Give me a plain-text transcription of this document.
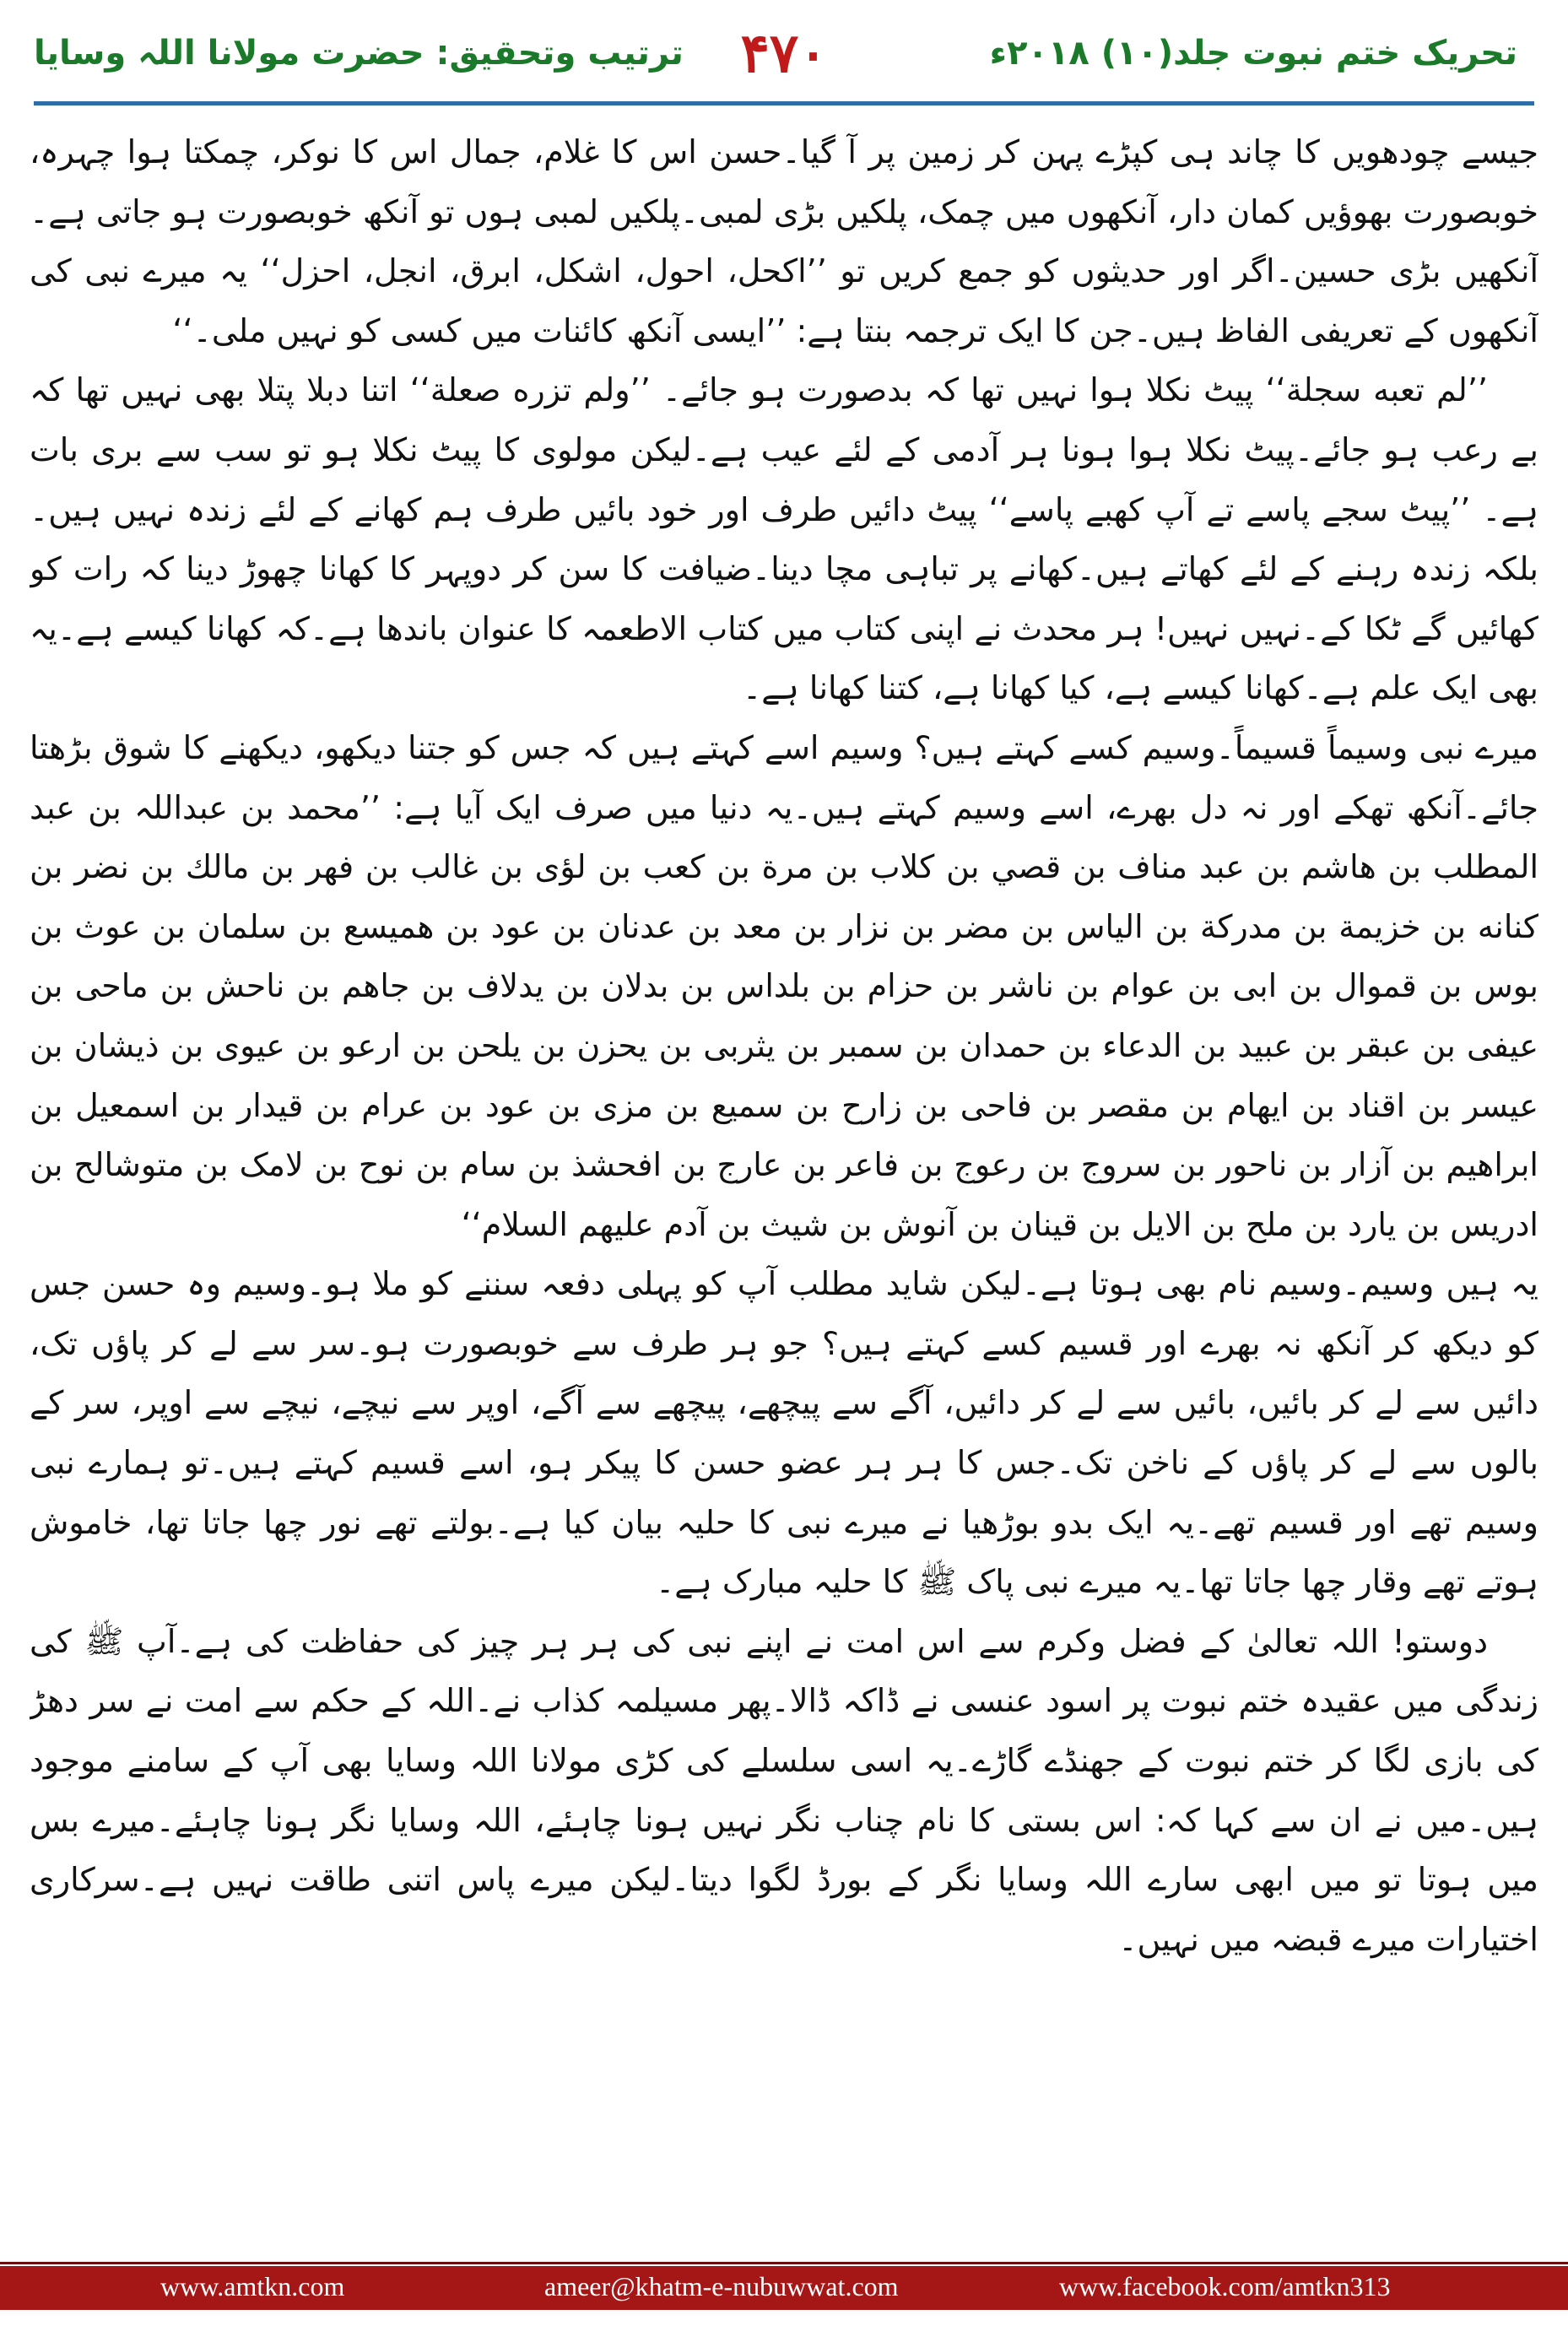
تحریک ختم نبوت جلد(۱۰) ۲۰۱۸ء
۴۷۰
ترتیب وتحقیق: حضرت مولانا اللہ وسایا

جیسے چودھویں کا چاند ہی کپڑے پہن کر زمین پر آ گیا۔حسن اس کا غلام، جمال اس کا نوکر، چمکتا ہوا چہرہ، خوبصورت بھوؤیں کمان دار، آنکھوں میں چمک، پلکیں بڑی لمبی۔پلکیں لمبی ہوں تو آنکھ خوبصورت ہو جاتی ہے۔آنکھیں بڑی حسین۔اگر اور حدیثوں کو جمع کریں تو ’’اکحل، احول، اشکل، ابرق، انجل، احزل‘‘ یہ میرے نبی کی آنکھوں کے تعریفی الفاظ ہیں۔جن کا ایک ترجمہ بنتا ہے: ’’ایسی آنکھ کائنات میں کسی کو نہیں ملی۔‘‘

’’لم تعبه سجلة‘‘ پیٹ نکلا ہوا نہیں تھا کہ بدصورت ہو جائے۔ ’’ولم تزره صعلة‘‘ اتنا دبلا پتلا بھی نہیں تھا کہ بے رعب ہو جائے۔پیٹ نکلا ہوا ہونا ہر آدمی کے لئے عیب ہے۔لیکن مولوی کا پیٹ نکلا ہو تو سب سے بری بات ہے۔ ’’پیٹ سجے پاسے تے آپ کھبے پاسے‘‘ پیٹ دائیں طرف اور خود بائیں طرف ہم کھانے کے لئے زندہ نہیں ہیں۔بلکہ زندہ رہنے کے لئے کھاتے ہیں۔کھانے پر تباہی مچا دینا۔ضیافت کا سن کر دوپہر کا کھانا چھوڑ دینا کہ رات کو کھائیں گے ٹکا کے۔نہیں نہیں! ہر محدث نے اپنی کتاب میں کتاب الاطعمہ کا عنوان باندھا ہے۔کہ کھانا کیسے ہے۔یہ بھی ایک علم ہے۔کھانا کیسے ہے، کیا کھانا ہے، کتنا کھانا ہے۔

میرے نبی وسیماً قسیماً۔وسیم کسے کہتے ہیں؟ وسیم اسے کہتے ہیں کہ جس کو جتنا دیکھو، دیکھنے کا شوق بڑھتا جائے۔آنکھ تھکے اور نہ دل بھرے، اسے وسیم کہتے ہیں۔یہ دنیا میں صرف ایک آیا ہے: ’’محمد بن عبداللہ بن عبد المطلب بن هاشم بن عبد مناف بن قصي بن كلاب بن مرة بن كعب بن لؤى بن غالب بن فهر بن مالك بن نضر بن كنانه بن خزيمة بن مدركة بن الياس بن مضر بن نزار بن معد بن عدنان بن عود بن هميسع بن سلمان بن عوث بن بوس بن قموال بن ابى بن عوام بن ناشر بن حزام بن بلداس بن بدلان بن يدلاف بن جاهم بن ناحش بن ماحى بن عيفى بن عبقر بن عبيد بن الدعاء بن حمدان بن سمبر بن يثربى بن يحزن بن يلحن بن ارعو بن عيوى بن ذيشان بن عيسر بن اقناد بن ايهام بن مقصر بن فاحى بن زارح بن سميع بن مزى بن عود بن عرام بن قيدار بن اسمعيل بن ابراهيم بن آزار بن ناحور بن سروج بن رعوج بن فاعر بن عارج بن افحشذ بن سام بن نوح بن لامک بن متوشالح بن ادريس بن يارد بن ملح بن الايل بن قينان بن آنوش بن شيث بن آدم عليهم السلام‘‘

یہ ہیں وسیم۔وسیم نام بھی ہوتا ہے۔لیکن شاید مطلب آپ کو پہلی دفعہ سننے کو ملا ہو۔وسیم وہ حسن جس کو دیکھ کر آنکھ نہ بھرے اور قسیم کسے کہتے ہیں؟ جو ہر طرف سے خوبصورت ہو۔سر سے لے کر پاؤں تک، دائیں سے لے کر بائیں، بائیں سے لے کر دائیں، آگے سے پیچھے، پیچھے سے آگے، اوپر سے نیچے، نیچے سے اوپر، سر کے بالوں سے لے کر پاؤں کے ناخن تک۔جس کا ہر ہر عضو حسن کا پیکر ہو، اسے قسیم کہتے ہیں۔تو ہمارے نبی وسیم تھے اور قسیم تھے۔یہ ایک بدو بوڑھیا نے میرے نبی کا حلیہ بیان کیا ہے۔بولتے تھے نور چھا جاتا تھا، خاموش ہوتے تھے وقار چھا جاتا تھا۔یہ میرے نبی پاک ﷺ کا حلیہ مبارک ہے۔

دوستو! اللہ تعالیٰ کے فضل وکرم سے اس امت نے اپنے نبی کی ہر ہر چیز کی حفاظت کی ہے۔آپ ﷺ کی زندگی میں عقیدہ ختم نبوت پر اسود عنسی نے ڈاکہ ڈالا۔پھر مسیلمہ کذاب نے۔اللہ کے حکم سے امت نے سر دھڑ کی بازی لگا کر ختم نبوت کے جھنڈے گاڑے۔یہ اسی سلسلے کی کڑی مولانا اللہ وسایا بھی آپ کے سامنے موجود ہیں۔میں نے ان سے کہا کہ: اس بستی کا نام چناب نگر نہیں ہونا چاہئے، اللہ وسایا نگر ہونا چاہئے۔میرے بس میں ہوتا تو میں ابھی سارے اللہ وسایا نگر کے بورڈ لگوا دیتا۔لیکن میرے پاس اتنی طاقت نہیں ہے۔سرکاری اختیارات میرے قبضہ میں نہیں۔

www.amtkn.com	ameer@khatm-e-nubuwwat.com	www.facebook.com/amtkn313
